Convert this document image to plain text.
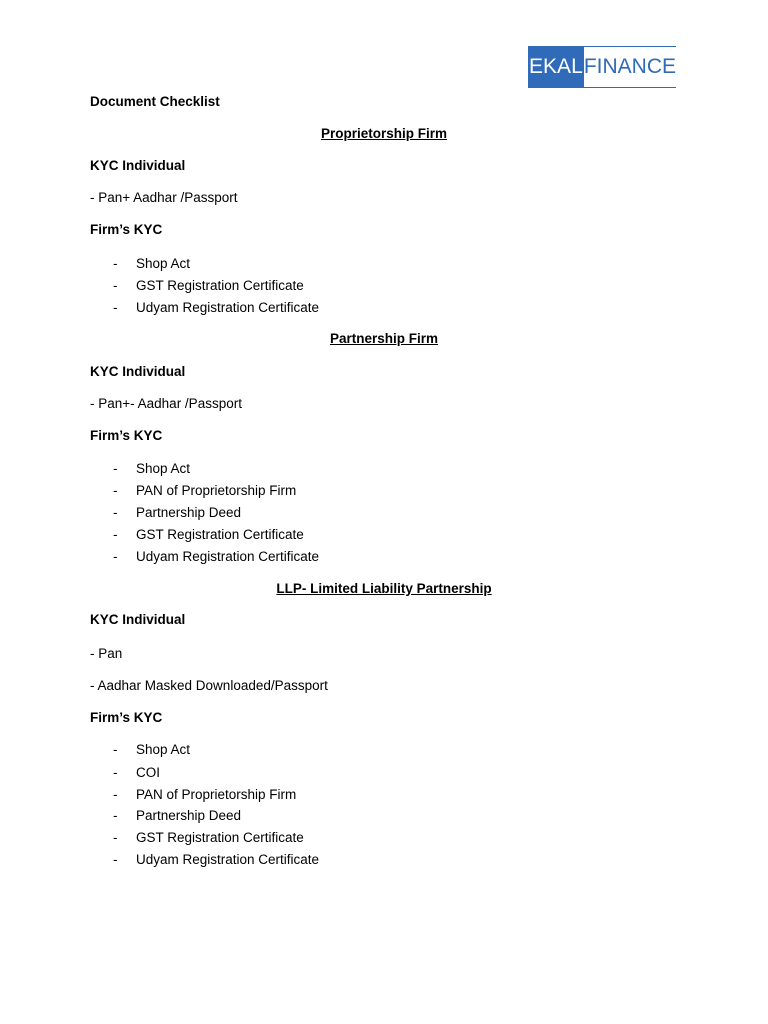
EKAL FINANCE
Document Checklist
Proprietorship Firm
KYC Individual
- Pan+ Aadhar /Passport
Firm’s KYC
- Shop Act
- GST Registration Certificate
- Udyam Registration Certificate
Partnership Firm
KYC Individual
- Pan+- Aadhar /Passport
Firm’s KYC
- Shop Act
- PAN of Proprietorship Firm
- Partnership Deed
- GST Registration Certificate
- Udyam Registration Certificate
LLP- Limited Liability Partnership
KYC Individual
- Pan
- Aadhar Masked Downloaded/Passport
Firm’s KYC
- Shop Act
- COI
- PAN of Proprietorship Firm
- Partnership Deed
- GST Registration Certificate
- Udyam Registration Certificate
